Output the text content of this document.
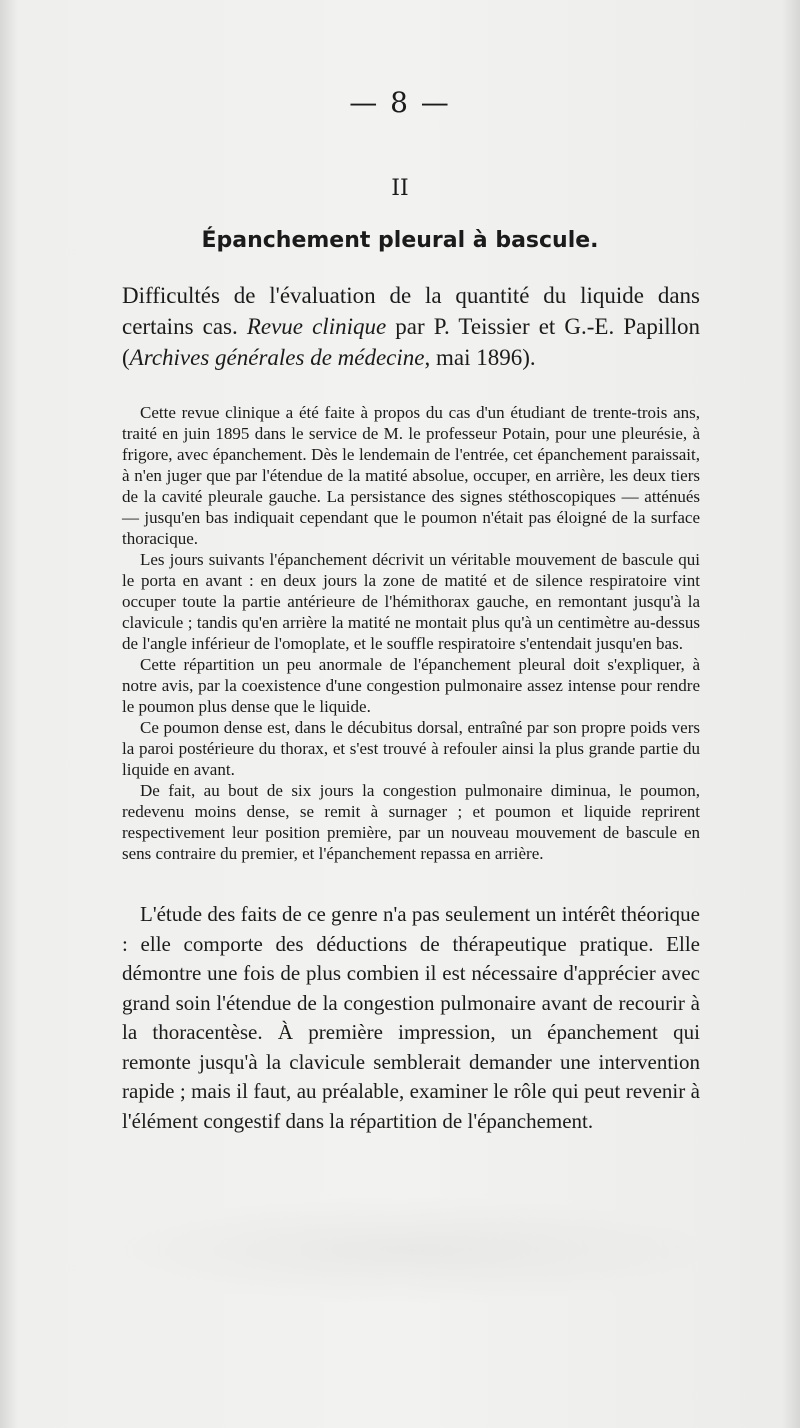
— 8 —
II
Épanchement pleural à bascule.
Difficultés de l'évaluation de la quantité du liquide dans certains cas. Revue clinique par P. Teissier et G.-E. Papillon (Archives générales de médecine, mai 1896).

Cette revue clinique a été faite à propos du cas d'un étudiant de trente-trois ans, traité en juin 1895 dans le service de M. le professeur Potain, pour une pleurésie, à frigore, avec épanchement. Dès le lendemain de l'entrée, cet épanchement paraissait, à n'en juger que par l'étendue de la matité absolue, occuper, en arrière, les deux tiers de la cavité pleurale gauche. La persistance des signes stéthoscopiques — atténués — jusqu'en bas indiquait cependant que le poumon n'était pas éloigné de la surface thoracique.

Les jours suivants l'épanchement décrivit un véritable mouvement de bascule qui le porta en avant : en deux jours la zone de matité et de silence respiratoire vint occuper toute la partie antérieure de l'hémithorax gauche, en remontant jusqu'à la clavicule ; tandis qu'en arrière la matité ne montait plus qu'à un centimètre au-dessus de l'angle inférieur de l'omoplate, et le souffle respiratoire s'entendait jusqu'en bas.

Cette répartition un peu anormale de l'épanchement pleural doit s'expliquer, à notre avis, par la coexistence d'une congestion pulmonaire assez intense pour rendre le poumon plus dense que le liquide.

Ce poumon dense est, dans le décubitus dorsal, entraîné par son propre poids vers la paroi postérieure du thorax, et s'est trouvé à refouler ainsi la plus grande partie du liquide en avant.

De fait, au bout de six jours la congestion pulmonaire diminua, le poumon, redevenu moins dense, se remit à surnager ; et poumon et liquide reprirent respectivement leur position première, par un nouveau mouvement de bascule en sens contraire du premier, et l'épanchement repassa en arrière.

L'étude des faits de ce genre n'a pas seulement un intérêt théorique : elle comporte des déductions de thérapeutique pratique. Elle démontre une fois de plus combien il est nécessaire d'apprécier avec grand soin l'étendue de la congestion pulmonaire avant de recourir à la thoracentèse. À première impression, un épanchement qui remonte jusqu'à la clavicule semblerait demander une intervention rapide ; mais il faut, au préalable, examiner le rôle qui peut revenir à l'élément congestif dans la répartition de l'épanchement.
